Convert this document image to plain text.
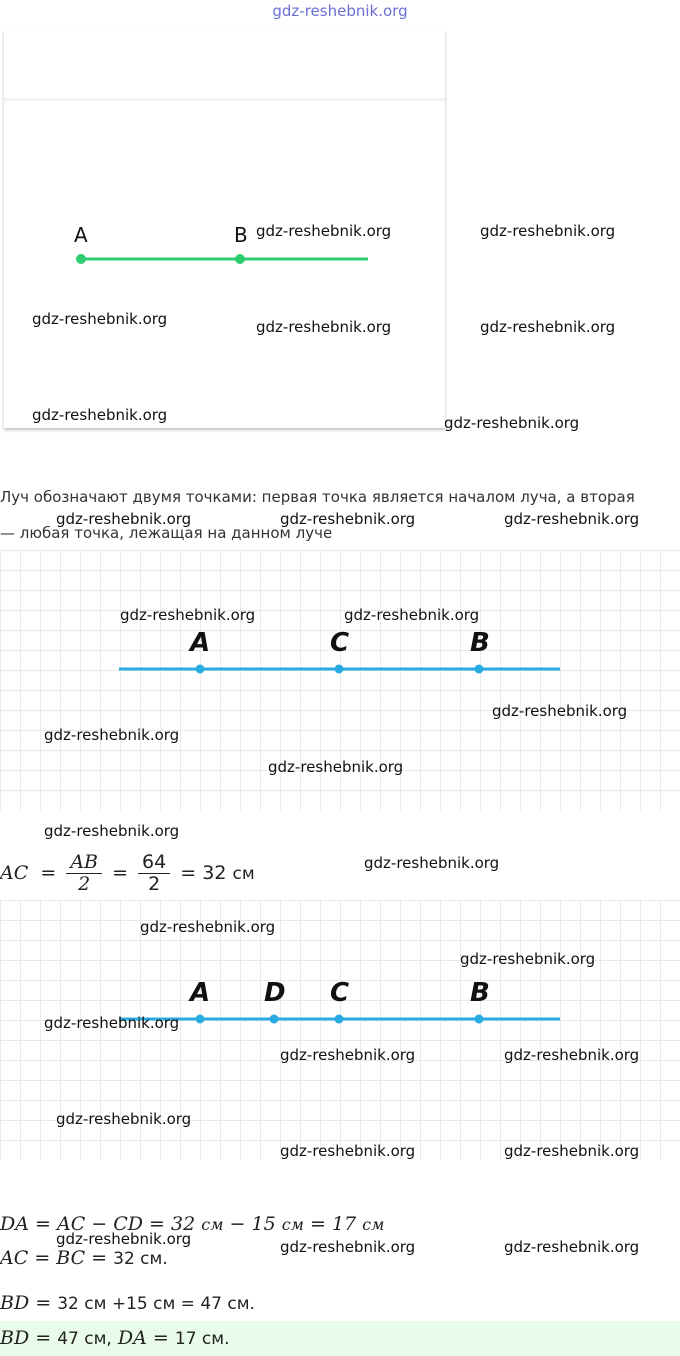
gdz-reshebnik.org
A	B
Луч обозначают двумя точками: первая точка является началом луча, а вторая
— любая точка, лежащая на данном луче
A	C	B
AC  = $\frac{AB}{2} = \frac{64}{2} = 32$ см
A D C	B
DA = AC − CD = 32 см − 15 см = 17 см
AC = BC = 32 см.
BD = 32 см +15 см = 47 см.
BD = 47 см, DA = 17 см.
gdz-reshebnik.org	gdz-reshebnik.org
gdz-reshebnik.org	gdz-reshebnik.org	gdz-reshebnik.org
gdz-reshebnik.org	gdz-reshebnik.org
gdz-reshebnik.org	gdz-reshebnik.org	gdz-reshebnik.org
gdz-reshebnik.org	gdz-reshebnik.org
gdz-reshebnik.org
gdz-reshebnik.org
gdz-reshebnik.org
gdz-reshebnik.org
gdz-reshebnik.org
gdz-reshebnik.org
gdz-reshebnik.org
gdz-reshebnik.org
gdz-reshebnik.org	gdz-reshebnik.org
gdz-reshebnik.org
gdz-reshebnik.org	gdz-reshebnik.org
gdz-reshebnik.org	gdz-reshebnik.org	gdz-reshebnik.org
